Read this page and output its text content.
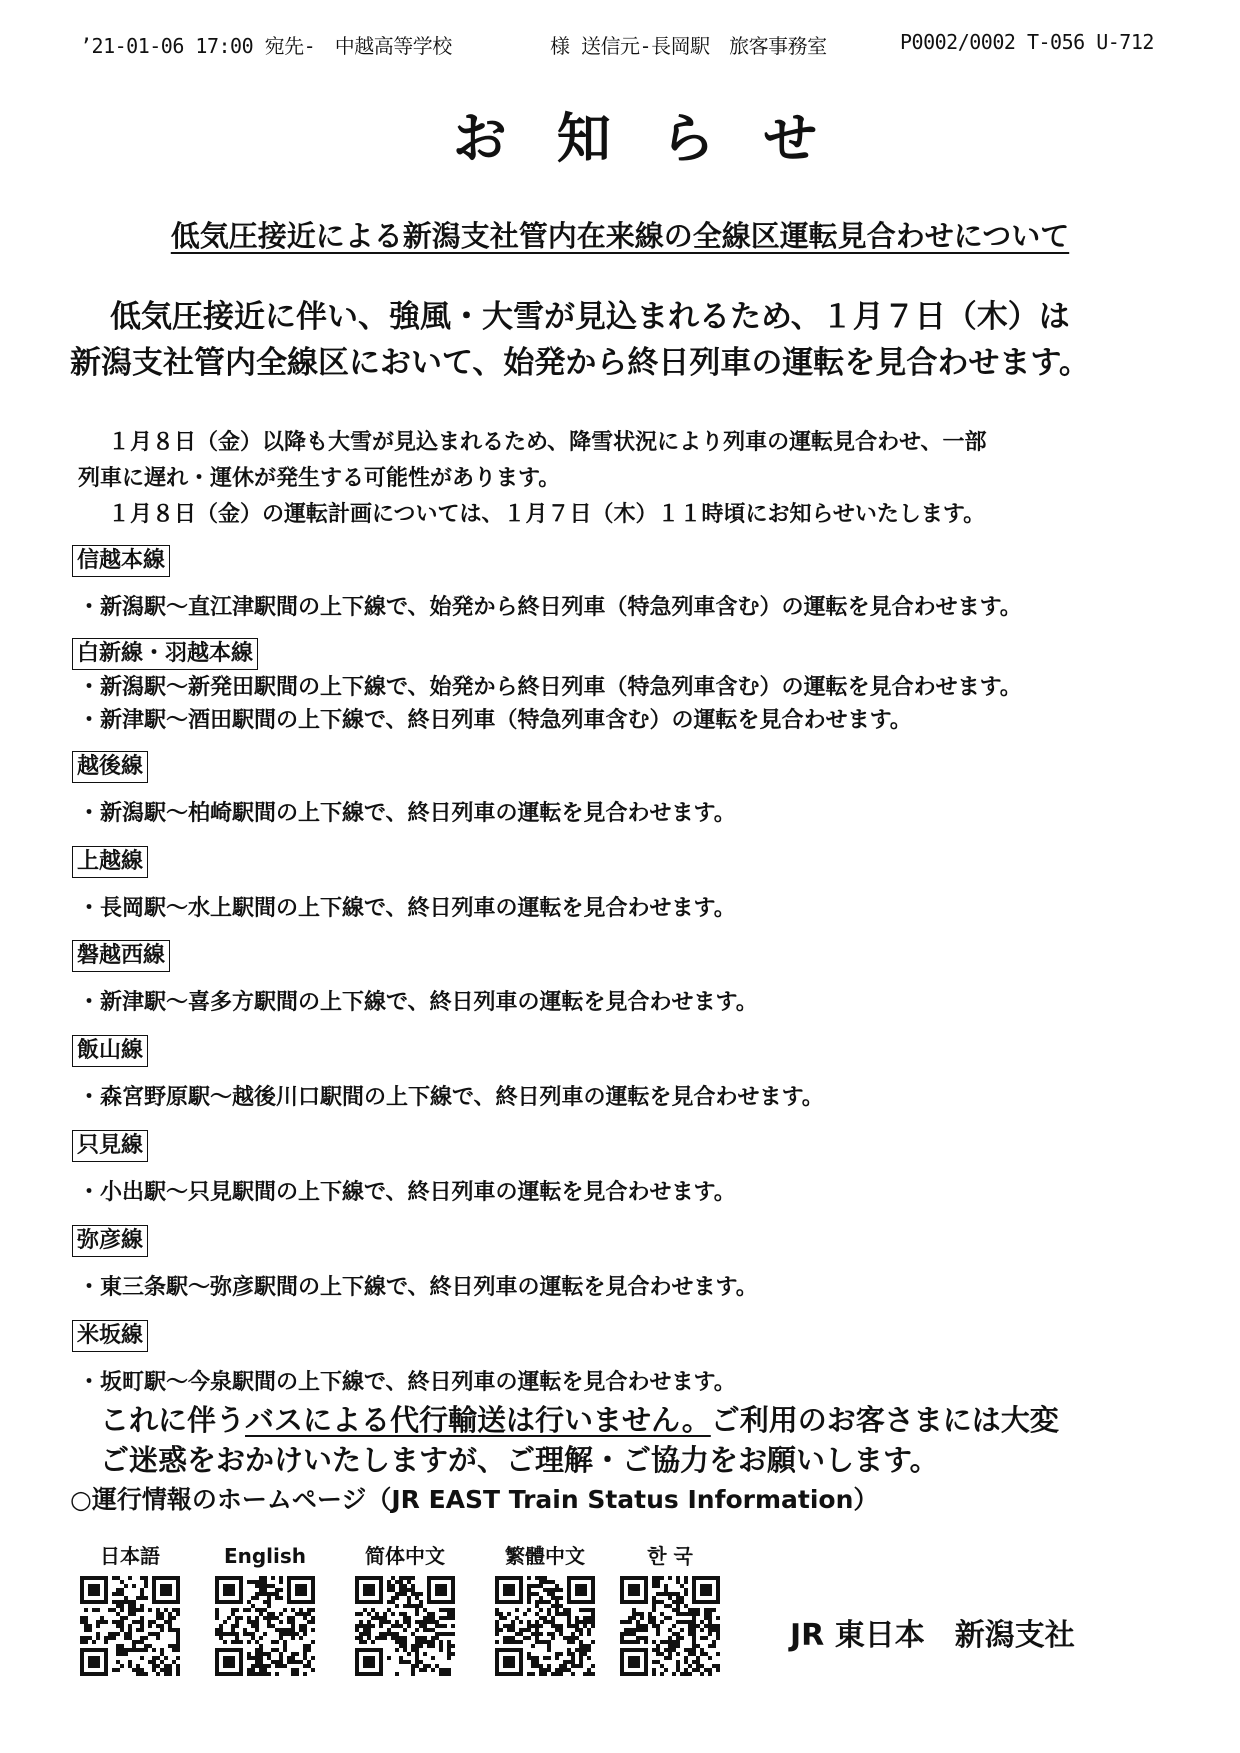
’21-01-06 17:00 宛先-　中越高等学校	様 送信元-長岡駅　旅客事務室	P0002/0002 T-056 U-712
お知らせ
低気圧接近による新潟支社管内在来線の全線区運転見合わせについて
低気圧接近に伴い、強風・大雪が見込まれるため、１月７日（木）は
新潟支社管内全線区において、始発から終日列車の運転を見合わせます。
１月８日（金）以降も大雪が見込まれるため、降雪状況により列車の運転見合わせ、一部
列車に遅れ・運休が発生する可能性があります。
１月８日（金）の運転計画については、１月７日（木）１１時頃にお知らせいたします。
信越本線
・新潟駅～直江津駅間の上下線で、始発から終日列車（特急列車含む）の運転を見合わせます。
白新線・羽越本線
・新潟駅～新発田駅間の上下線で、始発から終日列車（特急列車含む）の運転を見合わせます。
・新津駅～酒田駅間の上下線で、終日列車（特急列車含む）の運転を見合わせます。
越後線
・新潟駅～柏崎駅間の上下線で、終日列車の運転を見合わせます。
上越線
・長岡駅～水上駅間の上下線で、終日列車の運転を見合わせます。
磐越西線
・新津駅～喜多方駅間の上下線で、終日列車の運転を見合わせます。
飯山線
・森宮野原駅～越後川口駅間の上下線で、終日列車の運転を見合わせます。
只見線
・小出駅～只見駅間の上下線で、終日列車の運転を見合わせます。
弥彦線
・東三条駅～弥彦駅間の上下線で、終日列車の運転を見合わせます。
米坂線
・坂町駅～今泉駅間の上下線で、終日列車の運転を見合わせます。
これに伴うバスによる代行輸送は行いません。ご利用のお客さまには大変
ご迷惑をおかけいたしますが、ご理解・ご協力をお願いします。
○運行情報のホームページ（JR EAST Train Status Information）
日本語	English	简体中文	繁體中文	한 국
JR 東日本　新潟支社
